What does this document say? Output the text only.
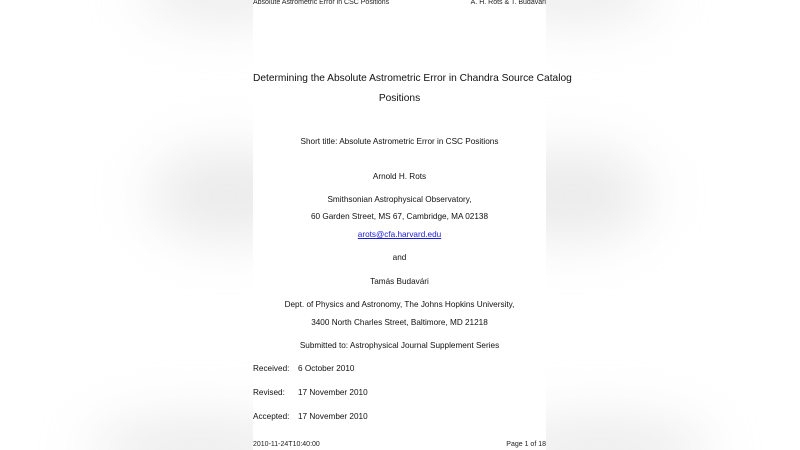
Absolute Astrometric Error in CSC Positions	A. H. Rots & T. Budavári
Determining the Absolute Astrometric Error in Chandra Source Catalog
Positions
Short title: Absolute Astrometric Error in CSC Positions
Arnold H. Rots
Smithsonian Astrophysical Observatory,
60 Garden Street, MS 67, Cambridge, MA 02138
arots@cfa.harvard.edu
and
Tamás Budavári
Dept. of Physics and Astronomy, The Johns Hopkins University,
3400 North Charles Street, Baltimore, MD 21218
Submitted to: Astrophysical Journal Supplement Series
Received: 6 October 2010
Revised: 17 November 2010
Accepted: 17 November 2010
2010-11-24T10:40:00	Page 1 of 18
